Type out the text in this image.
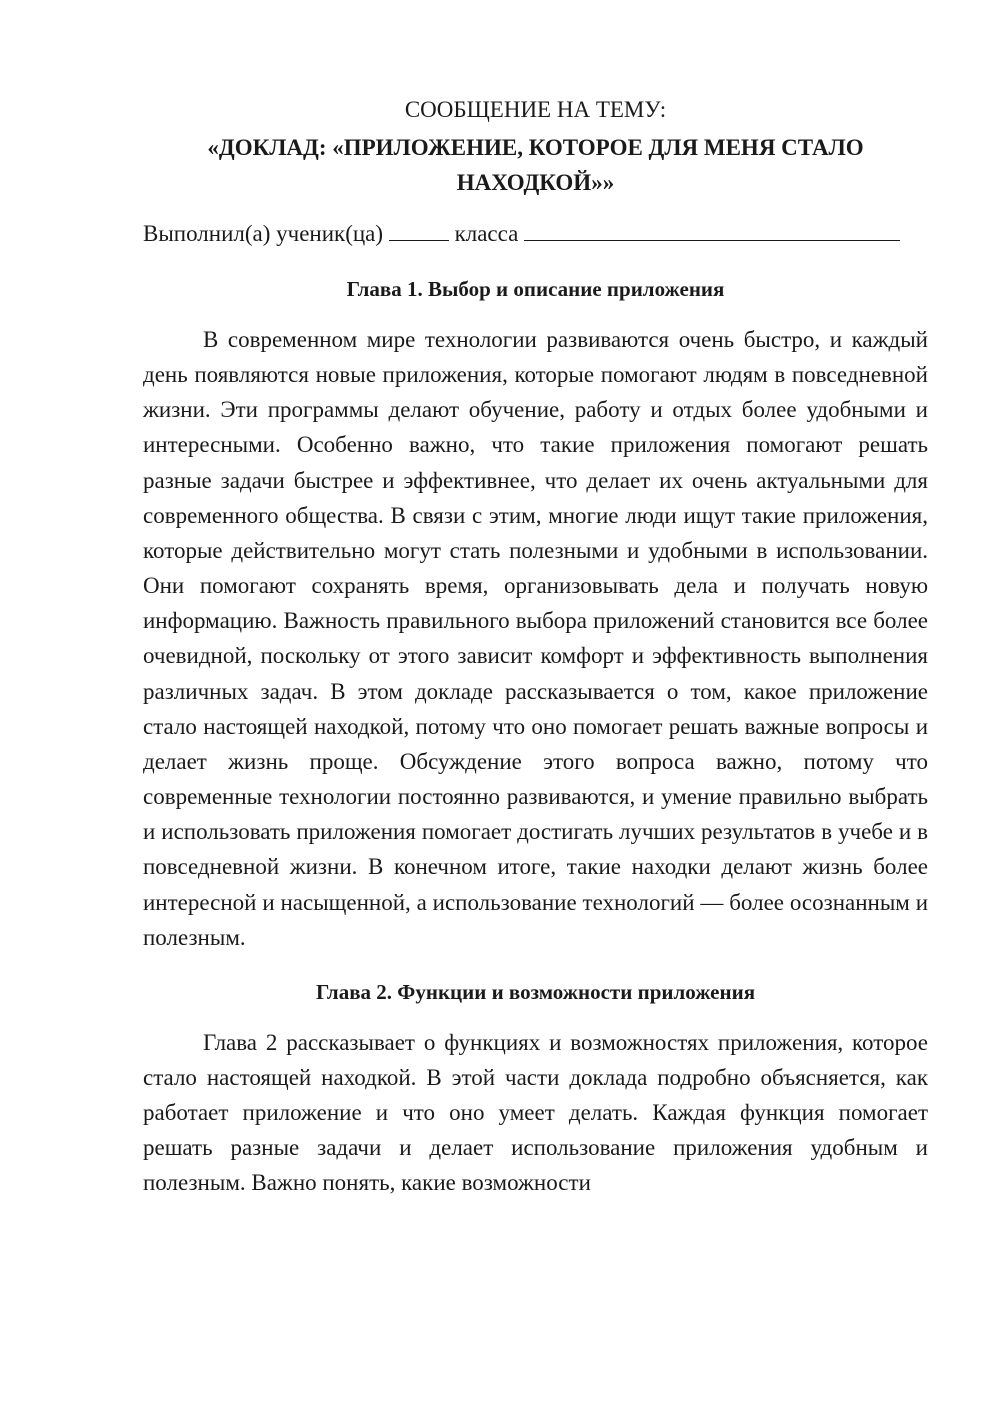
СООБЩЕНИЕ НА ТЕМУ:

«ДОКЛАД: «ПРИЛОЖЕНИЕ, КОТОРОЕ ДЛЯ МЕНЯ СТАЛО
НАХОДКОЙ»»

Выполнил(а) ученик(ца)	класса

Глава 1. Выбор и описание приложения

В современном мире технологии развиваются очень быстро, и каждый день появляются новые приложения, которые помогают людям в повседневной жизни. Эти программы делают обучение, работу и отдых более удобными и интересными. Особенно важно, что такие приложения помогают решать разные задачи быстрее и эффективнее, что делает их очень актуальными для современного общества. В связи с этим, многие люди ищут такие приложения, которые действительно могут стать полезными и удобными в использовании. Они помогают сохранять время, организовывать дела и получать новую информацию. Важность правильного выбора приложений становится все более очевидной, поскольку от этого зависит комфорт и эффективность выполнения различных задач. В этом докладе рассказывается о том, какое приложение стало настоящей находкой, потому что оно помогает решать важные вопросы и делает жизнь проще. Обсуждение этого вопроса важно, потому что современные технологии постоянно развиваются, и умение правильно выбрать и использовать приложения помогает достигать лучших результатов в учебе и в повседневной жизни. В конечном итоге, такие находки делают жизнь более интересной и насыщенной, а использование технологий — более осознанным и полезным.

Глава 2. Функции и возможности приложения

Глава 2 рассказывает о функциях и возможностях приложения, которое стало настоящей находкой. В этой части доклада подробно объясняется, как работает приложение и что оно умеет делать. Каждая функция помогает решать разные задачи и делает использование приложения удобным и полезным. Важно понять, какие возможности
